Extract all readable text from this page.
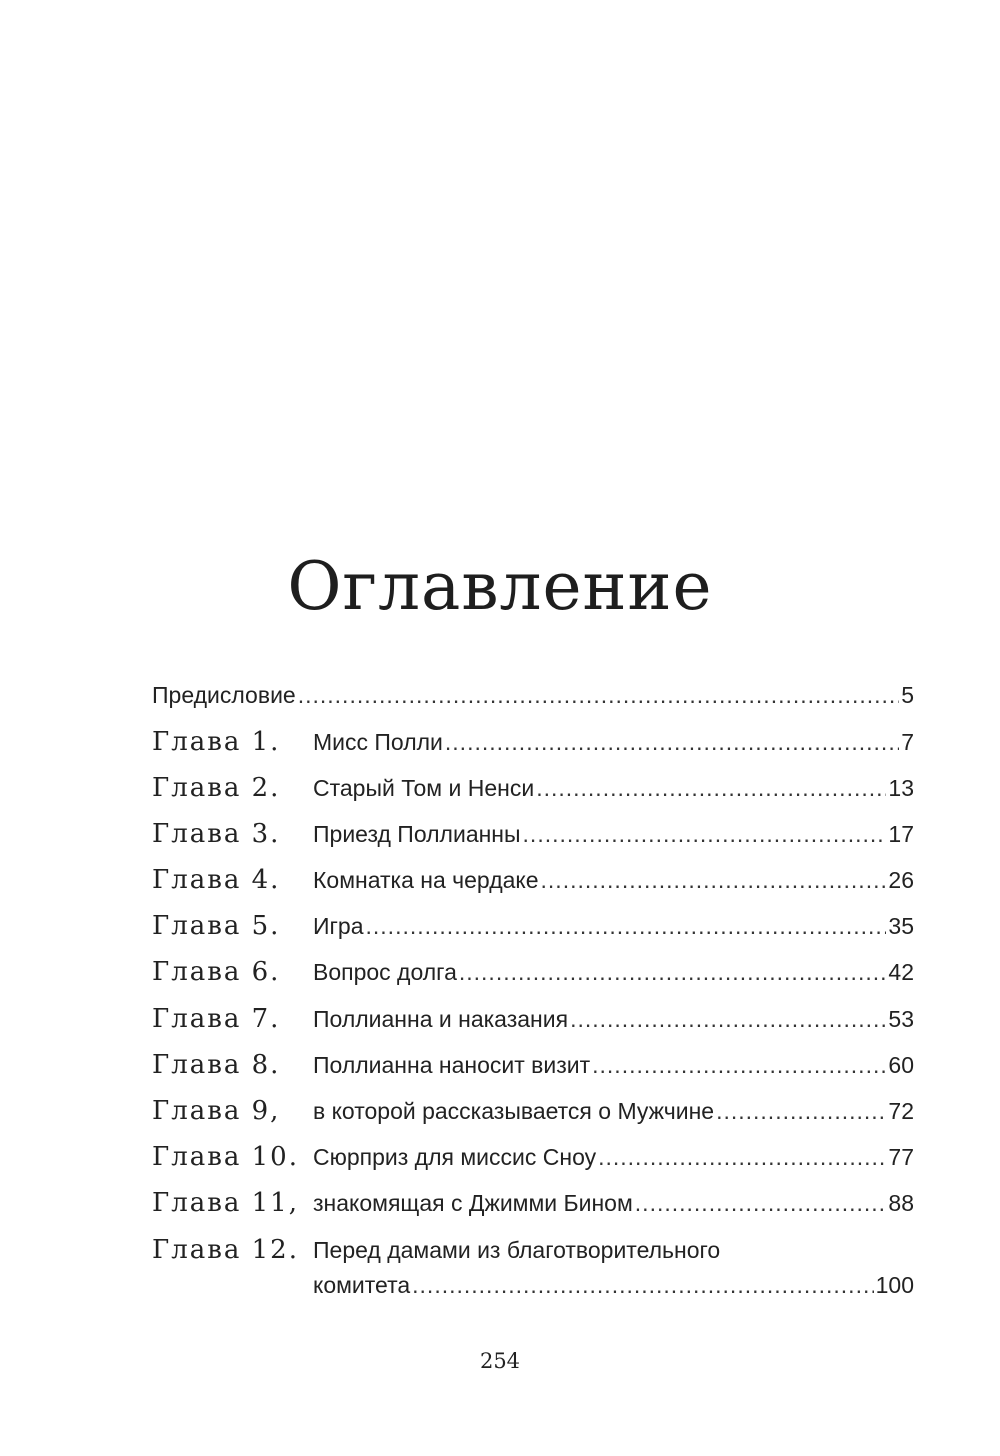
Оглавление
Предисловие .....	5
Глава 1. Мисс Полли .....	7
Глава 2. Старый Том и Ненси .....	13
Глава 3. Приезд Поллианны .....	17
Глава 4. Комнатка на чердаке .....	26
Глава 5. Игра .....	35
Глава 6. Вопрос долга .....	42
Глава 7. Поллианна и наказания .....	53
Глава 8. Поллианна наносит визит .....	60
Глава 9, в которой рассказывается о Мужчине .....	72
Глава 10. Сюрприз для миссис Сноу .....	77
Глава 11, знакомящая с Джимми Бином .....	88
Глава 12. Перед дамами из благотворительного
комитета .....	100
254
